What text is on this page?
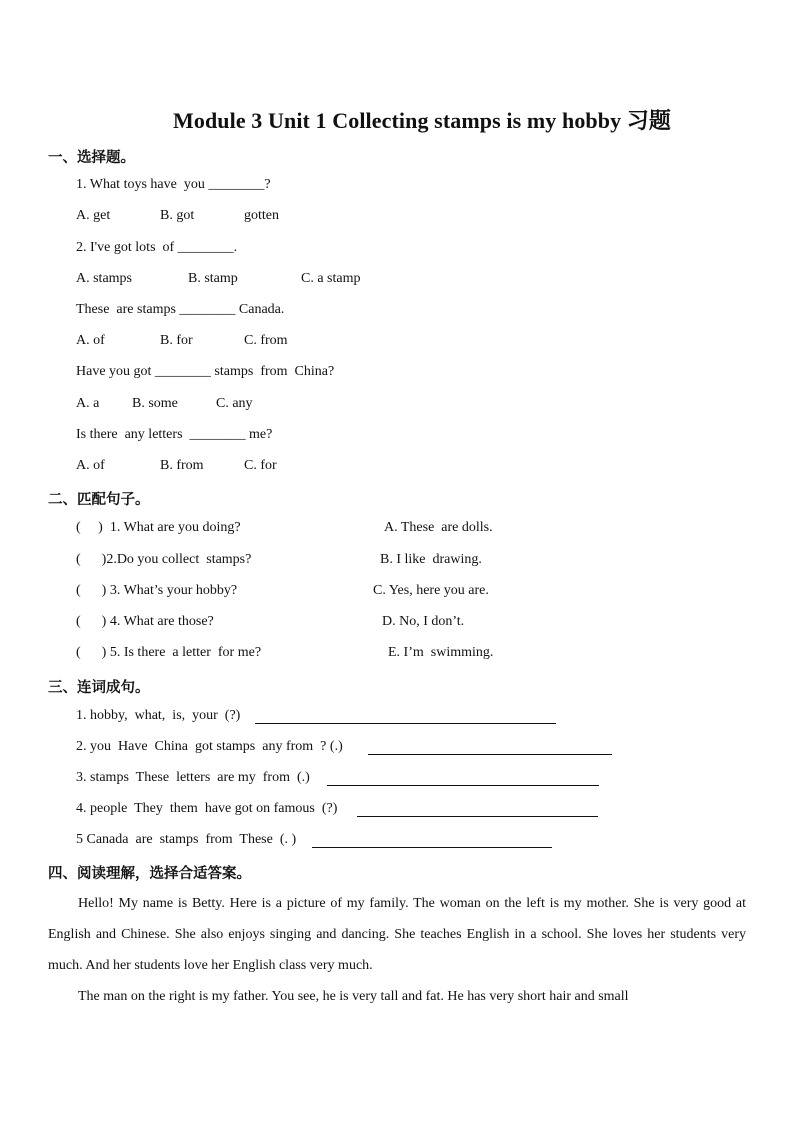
Module 3 Unit 1 Collecting stamps is my hobby 习题
一、选择题。
1. What toys have  you ________?
A. get	B. got	gotten
2. I've got lots  of ________.
A. stamps	B. stamp	C. a stamp
These  are stamps ________ Canada.
A. of	B. for	C. from
Have you got ________ stamps  from  China?
A. a B. some	C. any
Is there  any letters  ________ me?
A. of	B. from	C. for
二、匹配句子。
(     )  1. What are you doing?	A. These  are dolls.
(      )2.Do you collect  stamps?	B. I like  drawing.
(      ) 3. What’s your hobby?	C. Yes, here you are.
(      ) 4. What are those?	D. No, I don’t.
(      ) 5. Is there  a letter  for me?	E. I’m  swimming.
三、连词成句。
1. hobby,  what,  is,  your  (?)
2. you  Have  China  got stamps  any from  ? (.)
3. stamps  These  letters  are my  from  (.)
4. people  They  them  have got on famous  (?)
5 Canada  are  stamps  from  These  (. )
四、阅读理解，选择合适答案。
Hello! My name is Betty. Here is a picture of my family. The woman on the left is my mother. She is very good at English and Chinese. She also enjoys singing and dancing. She teaches English in a school. She loves her students very much. And her students love her English class very much.
The man on the right is my father. You see, he is very tall and fat. He has very short hair and small
